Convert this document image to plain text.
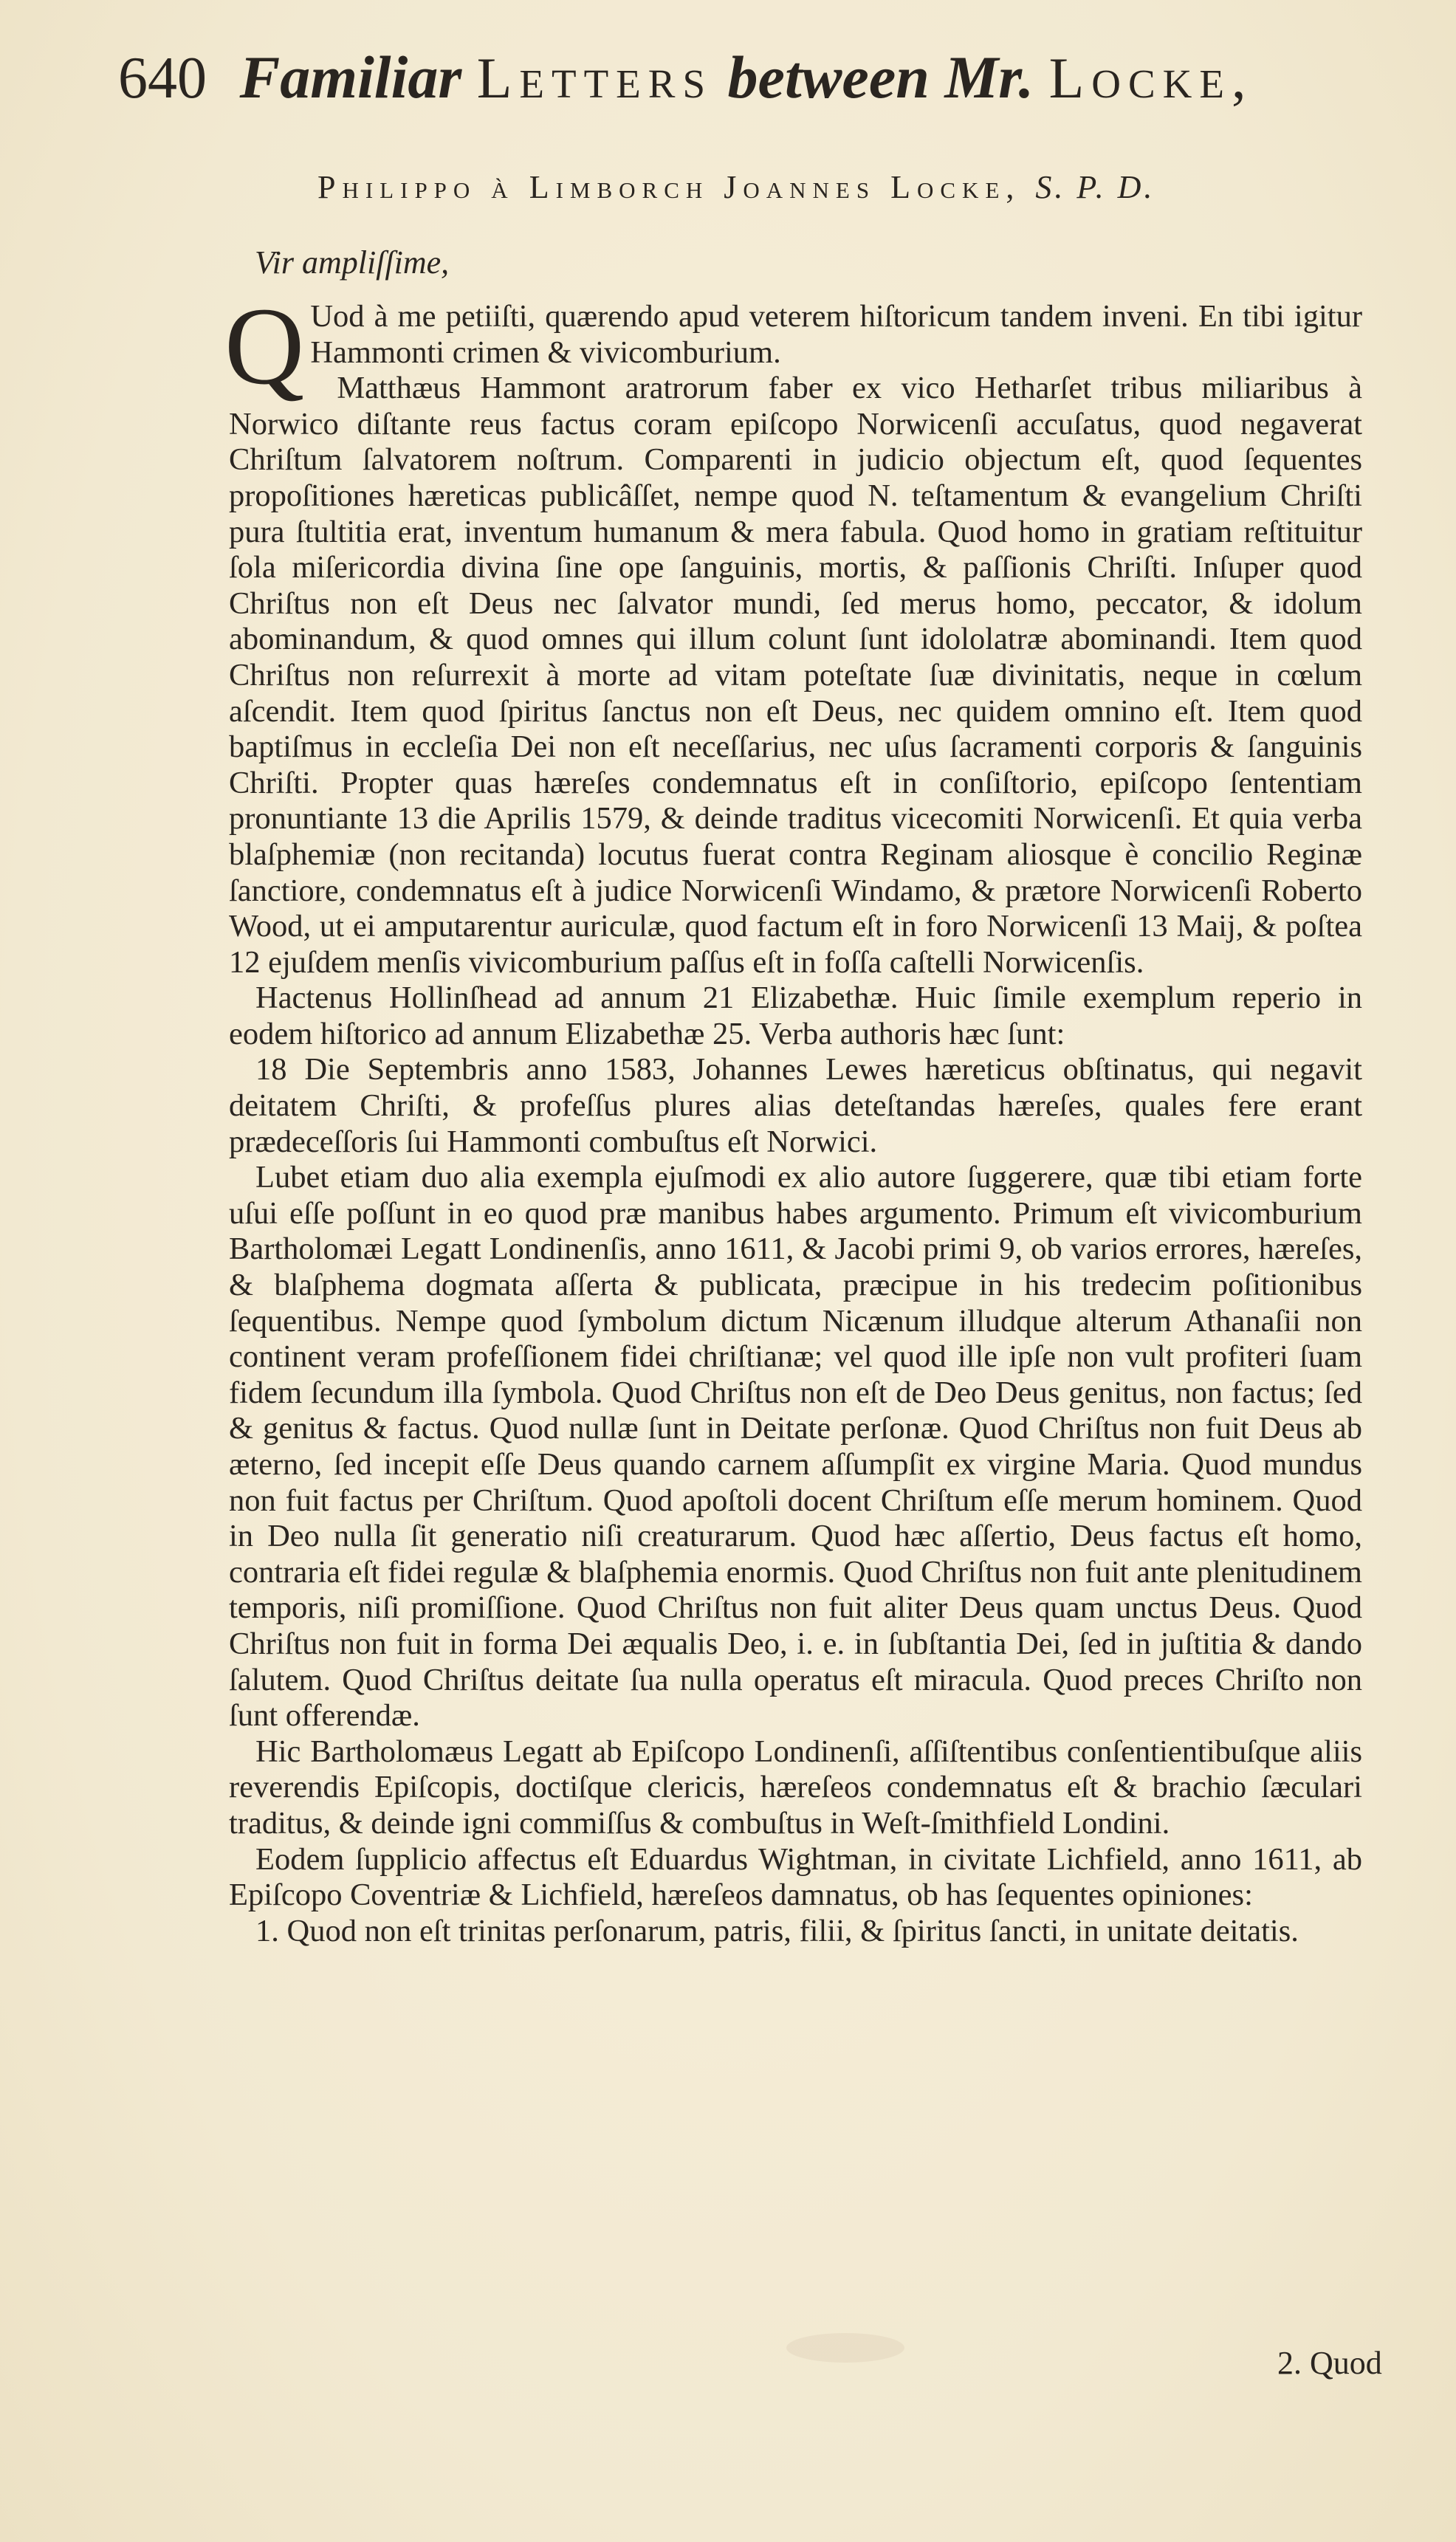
640 Familiar Letters between Mr. Locke,
Philippo à Limborch Joannes Locke, S. P. D.
Vir ampliſſime,

Q Uod à me petiiſti, quærendo apud veterem hiſtoricum tandem inveni. En tibi igitur Hammonti crimen & vivicomburium.

Matthæus Hammont aratrorum faber ex vico Hetharſet tribus miliaribus à Norwico diſtante reus factus coram epiſcopo Norwicenſi accuſatus, quod negaverat Chriſtum ſalvatorem noſtrum. Comparenti in judicio objectum eſt, quod ſequentes propoſitiones hæreticas publicâſſet, nempe quod N. teſtamentum & evangelium Chriſti pura ſtultitia erat, inventum humanum & mera fabula. Quod homo in gratiam reſtituitur ſola miſericordia divina ſine ope ſanguinis, mortis, & paſſionis Chriſti. Inſuper quod Chriſtus non eſt Deus nec ſalvator mundi, ſed merus homo, peccator, & idolum abominandum, & quod omnes qui illum colunt ſunt idololatræ abominandi. Item quod Chriſtus non reſurrexit à morte ad vitam poteſtate ſuæ divinitatis, neque in cœlum aſcendit. Item quod ſpiritus ſanctus non eſt Deus, nec quidem omnino eſt. Item quod baptiſmus in eccleſia Dei non eſt neceſſarius, nec uſus ſacramenti corporis & ſanguinis Chriſti. Propter quas hæreſes condemnatus eſt in conſiſtorio, epiſcopo ſententiam pronuntiante 13 die Aprilis 1579, & deinde traditus vicecomiti Norwicenſi. Et quia verba blaſphemiæ (non recitanda) locutus fuerat contra Reginam aliosque è concilio Reginæ ſanctiore, condemnatus eſt à judice Norwicenſi Windamo, & prætore Norwicenſi Roberto Wood, ut ei amputarentur auriculæ, quod factum eſt in foro Norwicenſi 13 Maij, & poſtea 12 ejuſdem menſis vivicomburium paſſus eſt in foſſa caſtelli Norwicenſis.

Hactenus Hollinſhead ad annum 21 Elizabethæ. Huic ſimile exemplum reperio in eodem hiſtorico ad annum Elizabethæ 25. Verba authoris hæc ſunt:

18 Die Septembris anno 1583, Johannes Lewes hæreticus obſtinatus, qui negavit deitatem Chriſti, & profeſſus plures alias deteſtandas hæreſes, quales fere erant prædeceſſoris ſui Hammonti combuſtus eſt Norwici.

Lubet etiam duo alia exempla ejuſmodi ex alio autore ſuggerere, quæ tibi etiam forte uſui eſſe poſſunt in eo quod præ manibus habes argumento. Primum eſt vivicomburium Bartholomæi Legatt Londinenſis, anno 1611, & Jacobi primi 9, ob varios errores, hæreſes, & blaſphema dogmata aſſerta & publicata, præcipue in his tredecim poſitionibus ſequentibus. Nempe quod ſymbolum dictum Nicænum illudque alterum Athanaſii non continent veram profeſſionem fidei chriſtianæ; vel quod ille ipſe non vult profiteri ſuam fidem ſecundum illa ſymbola. Quod Chriſtus non eſt de Deo Deus genitus, non factus; ſed & genitus & factus. Quod nullæ ſunt in Deitate perſonæ. Quod Chriſtus non fuit Deus ab æterno, ſed incepit eſſe Deus quando carnem aſſumpſit ex virgine Maria. Quod mundus non fuit factus per Chriſtum. Quod apoſtoli docent Chriſtum eſſe merum hominem. Quod in Deo nulla ſit generatio niſi creaturarum. Quod hæc aſſertio, Deus factus eſt homo, contraria eſt fidei regulæ & blaſphemia enormis. Quod Chriſtus non fuit ante plenitudinem temporis, niſi promiſſione. Quod Chriſtus non fuit aliter Deus quam unctus Deus. Quod Chriſtus non fuit in forma Dei æqualis Deo, i. e. in ſubſtantia Dei, ſed in juſtitia & dando ſalutem. Quod Chriſtus deitate ſua nulla operatus eſt miracula. Quod preces Chriſto non ſunt offerendæ.

Hic Bartholomæus Legatt ab Epiſcopo Londinenſi, aſſiſtentibus conſentientibuſque aliis reverendis Epiſcopis, doctiſque clericis, hæreſeos condemnatus eſt & brachio ſæculari traditus, & deinde igni commiſſus & combuſtus in Weſt-ſmithfield Londini.

Eodem ſupplicio affectus eſt Eduardus Wightman, in civitate Lichfield, anno 1611, ab Epiſcopo Coventriæ & Lichfield, hæreſeos damnatus, ob has ſequentes opiniones:

1. Quod non eſt trinitas perſonarum, patris, filii, & ſpiritus ſancti, in unitate deitatis.

2. Quod
